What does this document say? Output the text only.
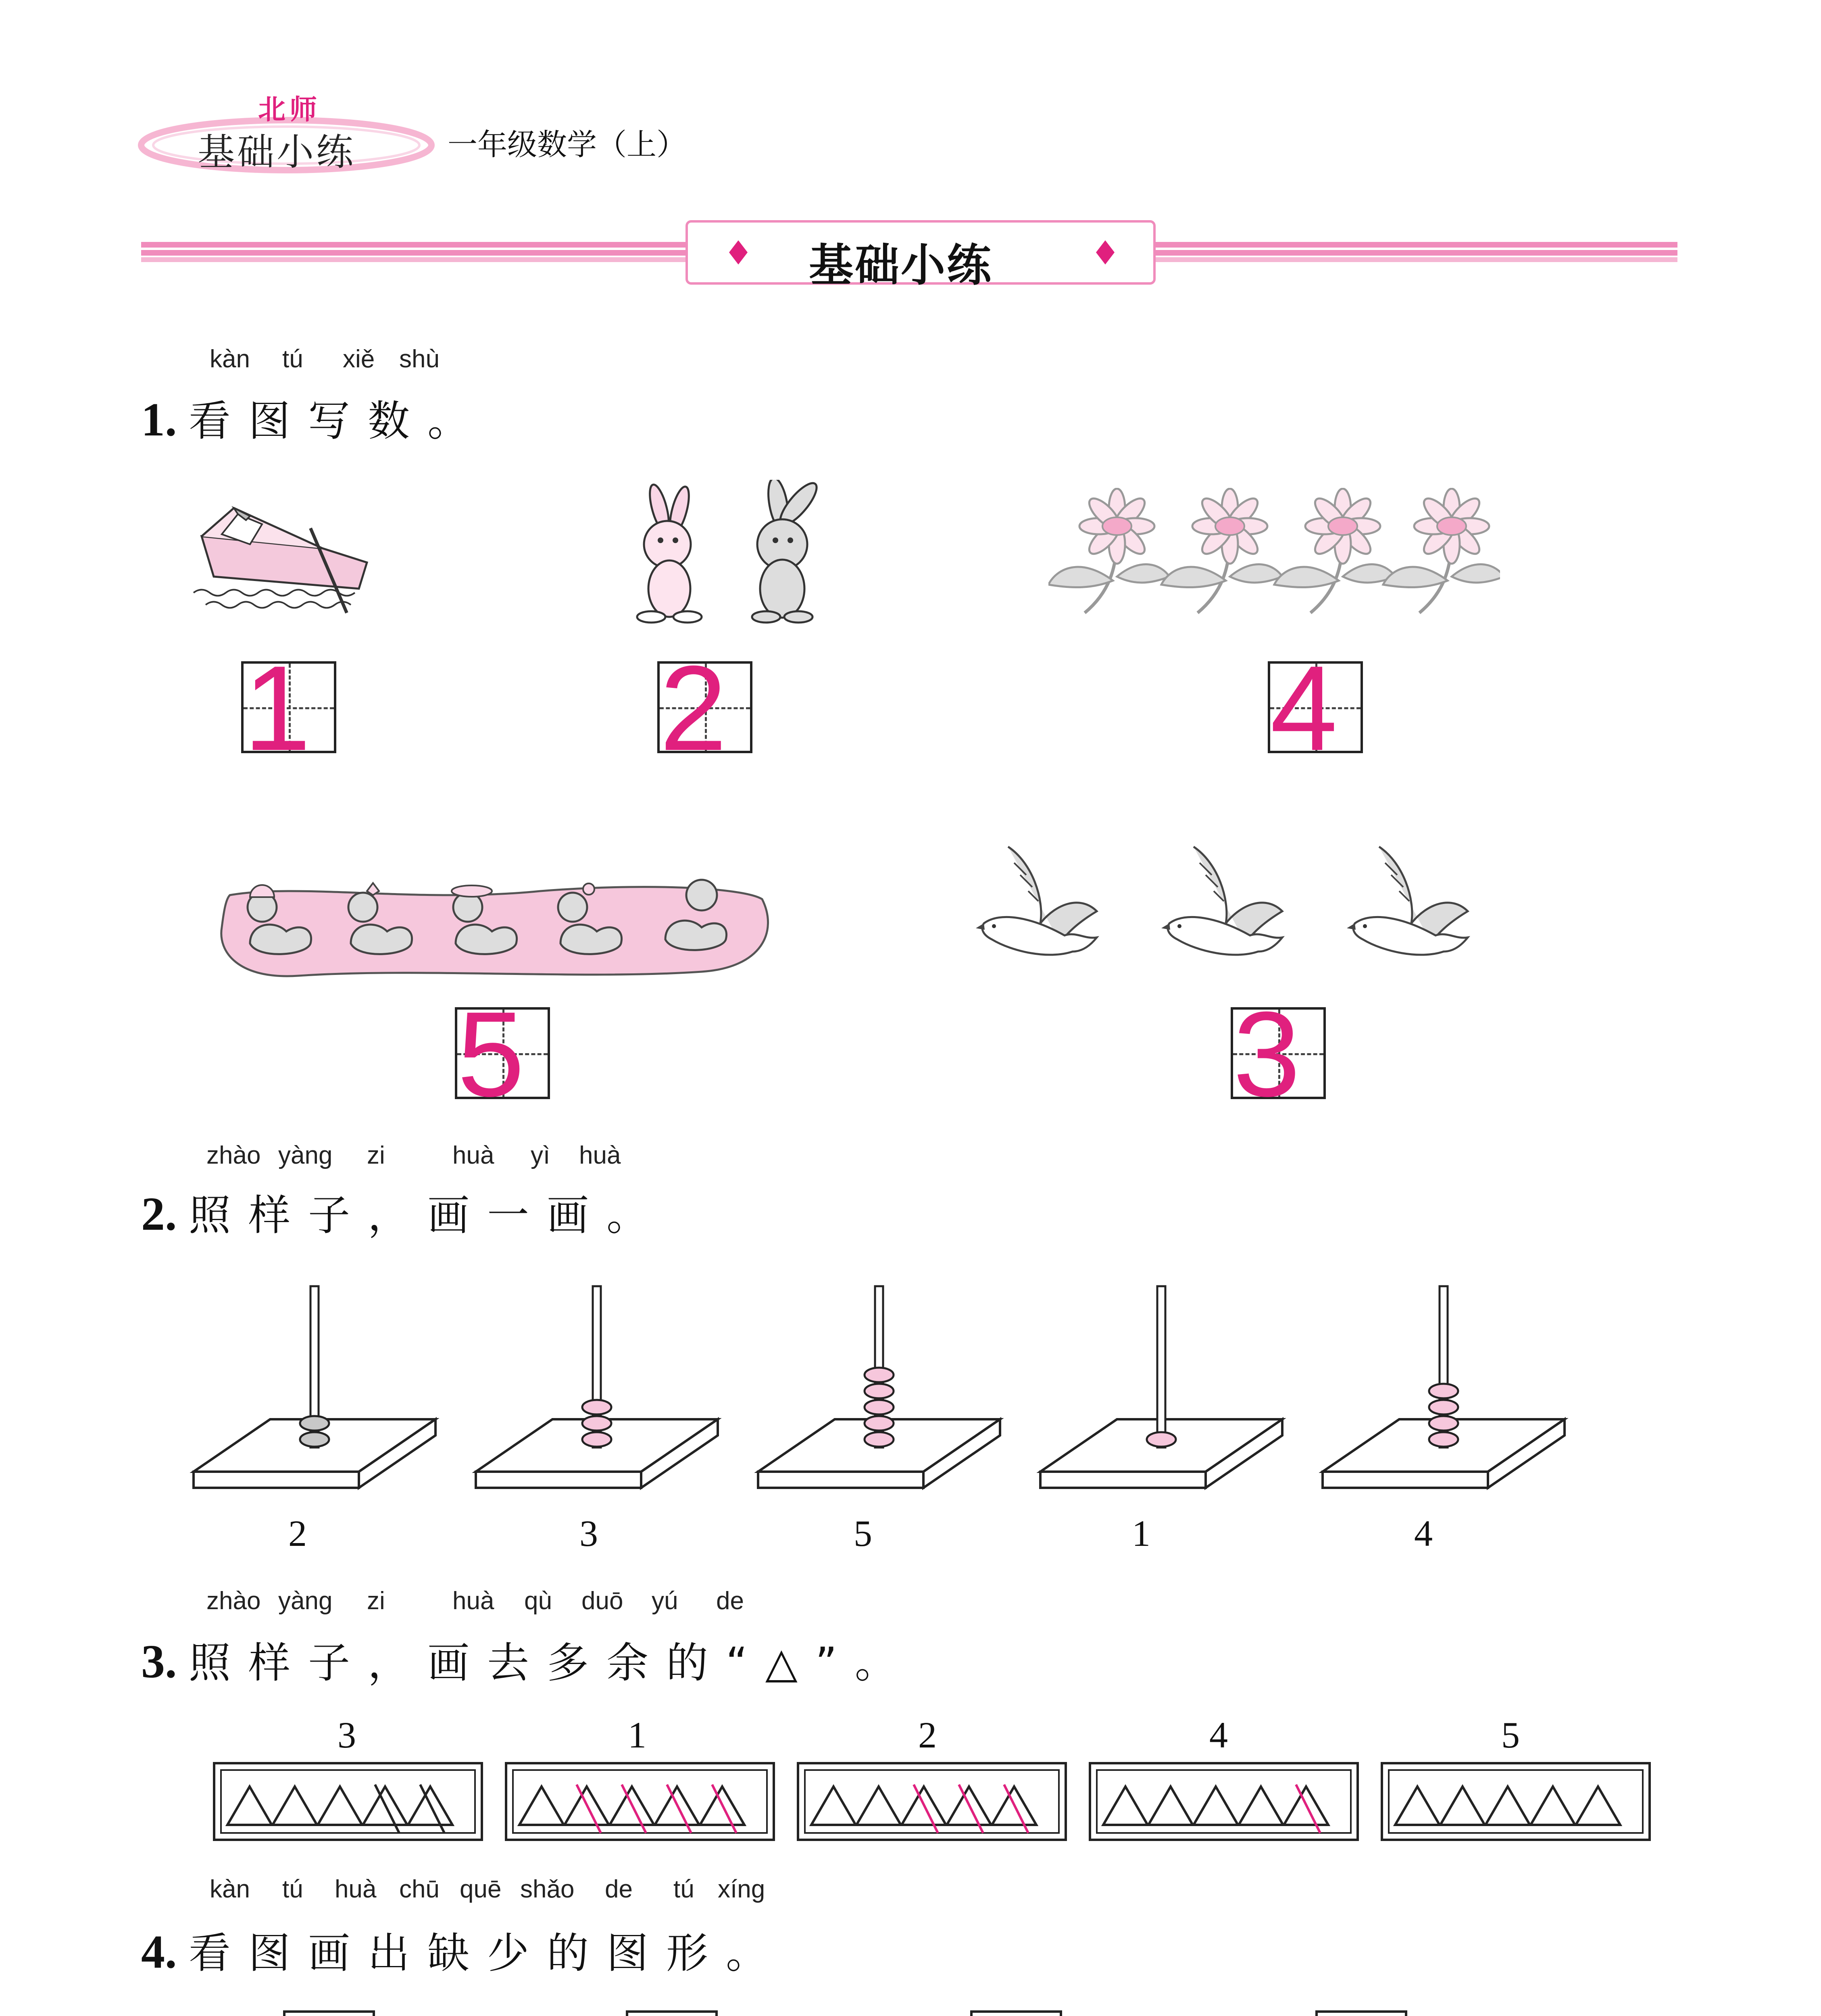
北师
基础小练	一年级数学（上）
基础小练
kàn tú xiě shù
1. 看图写数。
1	2	4
5	3
zhào yàng zi	huà yì huà
2. 照样子，画一画。
2	3	5	1	4
zhào yàng zi	huà qù duō yú de
3. 照样子，画去多余的“△”。
3	1	2	4	5
kàn tú huà chū quē shǎo de tú xíng
4. 看图画出缺少的图形。
